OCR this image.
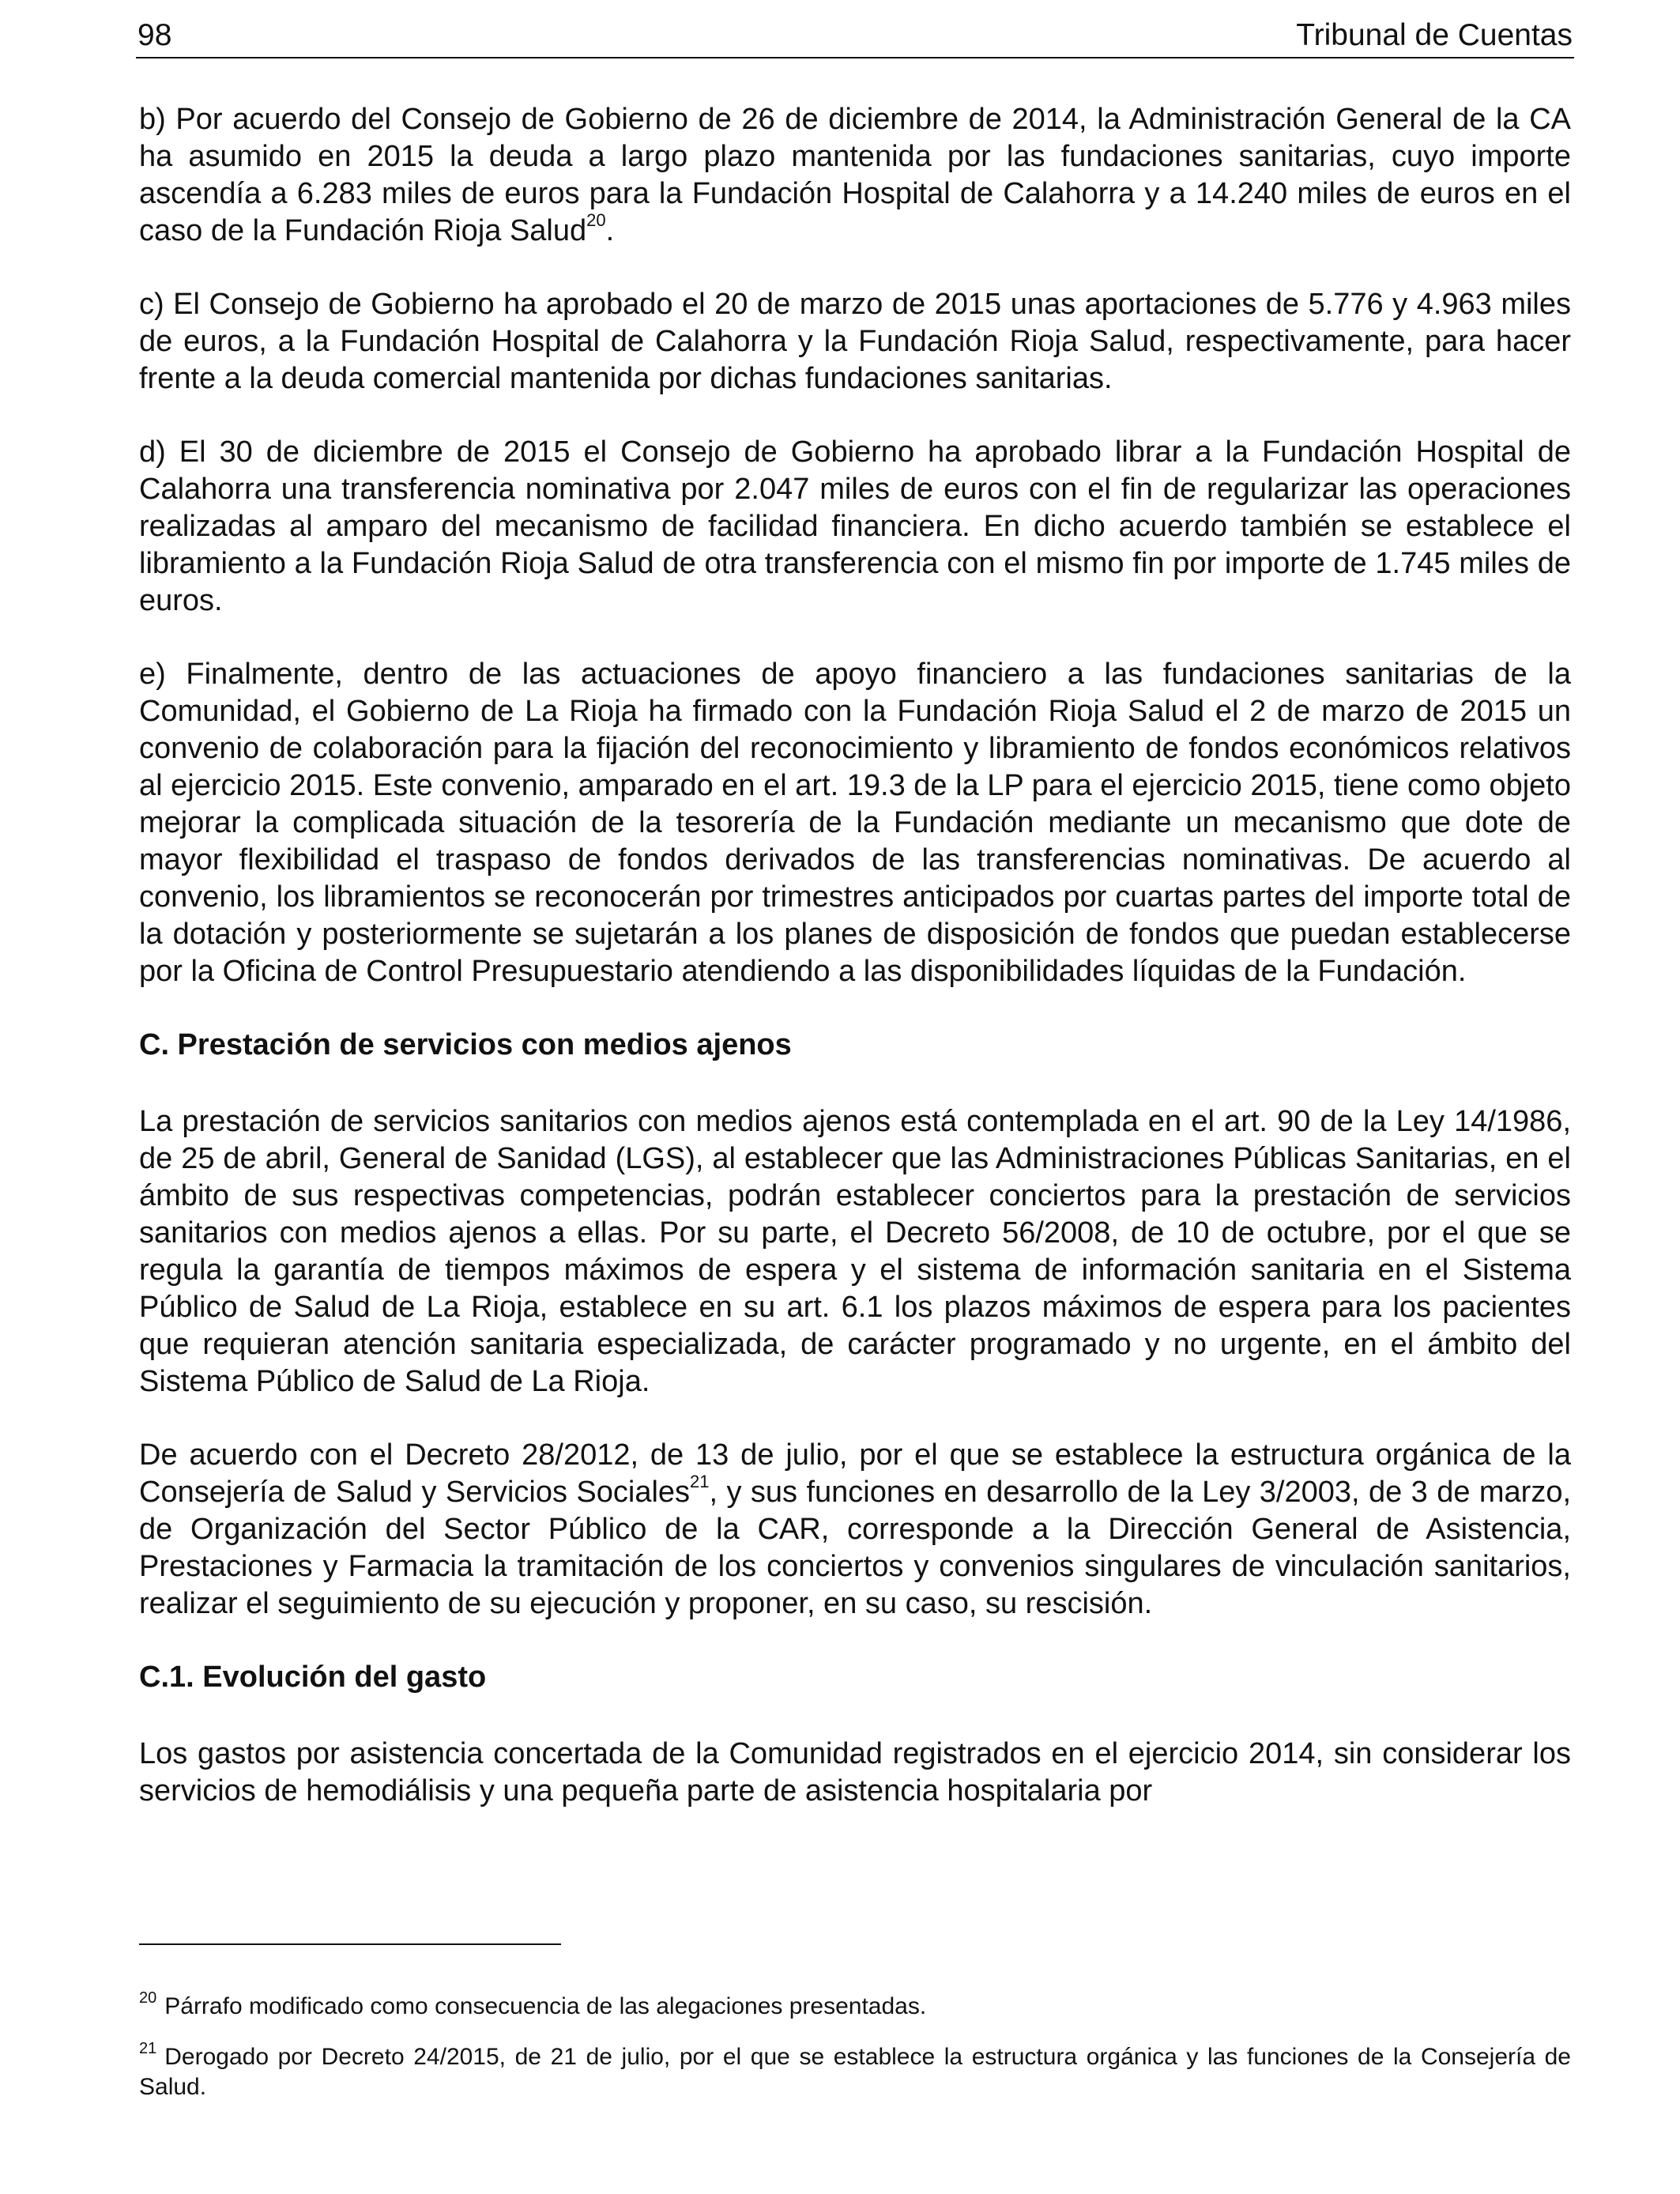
98	Tribunal de Cuentas

b) Por acuerdo del Consejo de Gobierno de 26 de diciembre de 2014, la Administración General de la CA ha asumido en 2015 la deuda a largo plazo mantenida por las fundaciones sanitarias, cuyo importe ascendía a 6.283 miles de euros para la Fundación Hospital de Calahorra y a 14.240 miles de euros en el caso de la Fundación Rioja Salud$^{20}$.

c) El Consejo de Gobierno ha aprobado el 20 de marzo de 2015 unas aportaciones de 5.776 y 4.963 miles de euros, a la Fundación Hospital de Calahorra y la Fundación Rioja Salud, respectivamente, para hacer frente a la deuda comercial mantenida por dichas fundaciones sanitarias.

d) El 30 de diciembre de 2015 el Consejo de Gobierno ha aprobado librar a la Fundación Hospital de Calahorra una transferencia nominativa por 2.047 miles de euros con el fin de regularizar las operaciones realizadas al amparo del mecanismo de facilidad financiera. En dicho acuerdo también se establece el libramiento a la Fundación Rioja Salud de otra transferencia con el mismo fin por importe de 1.745 miles de euros.

e) Finalmente, dentro de las actuaciones de apoyo financiero a las fundaciones sanitarias de la Comunidad, el Gobierno de La Rioja ha firmado con la Fundación Rioja Salud el 2 de marzo de 2015 un convenio de colaboración para la fijación del reconocimiento y libramiento de fondos económicos relativos al ejercicio 2015. Este convenio, amparado en el art. 19.3 de la LP para el ejercicio 2015, tiene como objeto mejorar la complicada situación de la tesorería de la Fundación mediante un mecanismo que dote de mayor flexibilidad el traspaso de fondos derivados de las transferencias nominativas. De acuerdo al convenio, los libramientos se reconocerán por trimestres anticipados por cuartas partes del importe total de la dotación y posteriormente se sujetarán a los planes de disposición de fondos que puedan establecerse por la Oficina de Control Presupuestario atendiendo a las disponibilidades líquidas de la Fundación.

C. Prestación de servicios con medios ajenos

La prestación de servicios sanitarios con medios ajenos está contemplada en el art. 90 de la Ley 14/1986, de 25 de abril, General de Sanidad (LGS), al establecer que las Administraciones Públicas Sanitarias, en el ámbito de sus respectivas competencias, podrán establecer conciertos para la prestación de servicios sanitarios con medios ajenos a ellas. Por su parte, el Decreto 56/2008, de 10 de octubre, por el que se regula la garantía de tiempos máximos de espera y el sistema de información sanitaria en el Sistema Público de Salud de La Rioja, establece en su art. 6.1 los plazos máximos de espera para los pacientes que requieran atención sanitaria especializada, de carácter programado y no urgente, en el ámbito del Sistema Público de Salud de La Rioja.

De acuerdo con el Decreto 28/2012, de 13 de julio, por el que se establece la estructura orgánica de la Consejería de Salud y Servicios Sociales$^{21}$, y sus funciones en desarrollo de la Ley 3/2003, de 3 de marzo, de Organización del Sector Público de la CAR, corresponde a la Dirección General de Asistencia, Prestaciones y Farmacia la tramitación de los conciertos y convenios singulares de vinculación sanitarios, realizar el seguimiento de su ejecución y proponer, en su caso, su rescisión.

C.1. Evolución del gasto

Los gastos por asistencia concertada de la Comunidad registrados en el ejercicio 2014, sin considerar los servicios de hemodiálisis y una pequeña parte de asistencia hospitalaria por

$^{20}$ Párrafo modificado como consecuencia de las alegaciones presentadas.

$^{21}$ Derogado por Decreto 24/2015, de 21 de julio, por el que se establece la estructura orgánica y las funciones de la Consejería de Salud.
